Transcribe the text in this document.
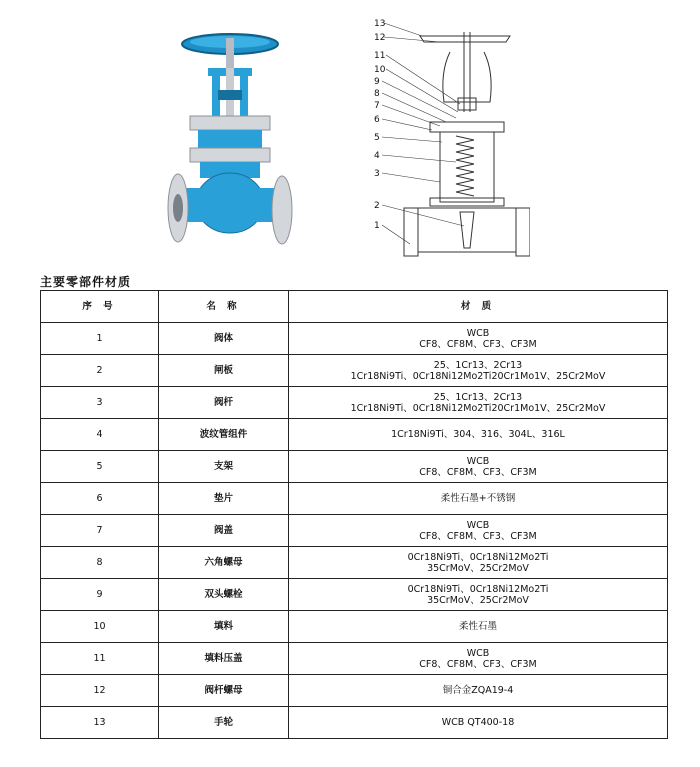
13
12
11
10
9
8
7
6
5
4
3
2
1
主要零部件材质
序 号	名 称	材 质
1	阀体	WCB
CF8、CF8M、CF3、CF3M

2	闸板	25、1Cr13、2Cr13
1Cr18Ni9Ti、0Cr18Ni12Mo2Ti20Cr1Mo1V、25Cr2MoV

3	阀杆	25、1Cr13、2Cr13
1Cr18Ni9Ti、0Cr18Ni12Mo2Ti20Cr1Mo1V、25Cr2MoV

4	波纹管组件	1Cr18Ni9Ti、304、316、304L、316L

5	支架	WCB
CF8、CF8M、CF3、CF3M

6	垫片	柔性石墨+不锈钢

7	阀盖	WCB
CF8、CF8M、CF3、CF3M

8	六角螺母	0Cr18Ni9Ti、0Cr18Ni12Mo2Ti
35CrMoV、25Cr2MoV

9	双头螺栓	0Cr18Ni9Ti、0Cr18Ni12Mo2Ti
35CrMoV、25Cr2MoV

10	填料	柔性石墨

11	填料压盖	WCB
CF8、CF8M、CF3、CF3M

12	阀杆螺母	铜合金ZQA19-4

13	手轮	WCB QT400-18
